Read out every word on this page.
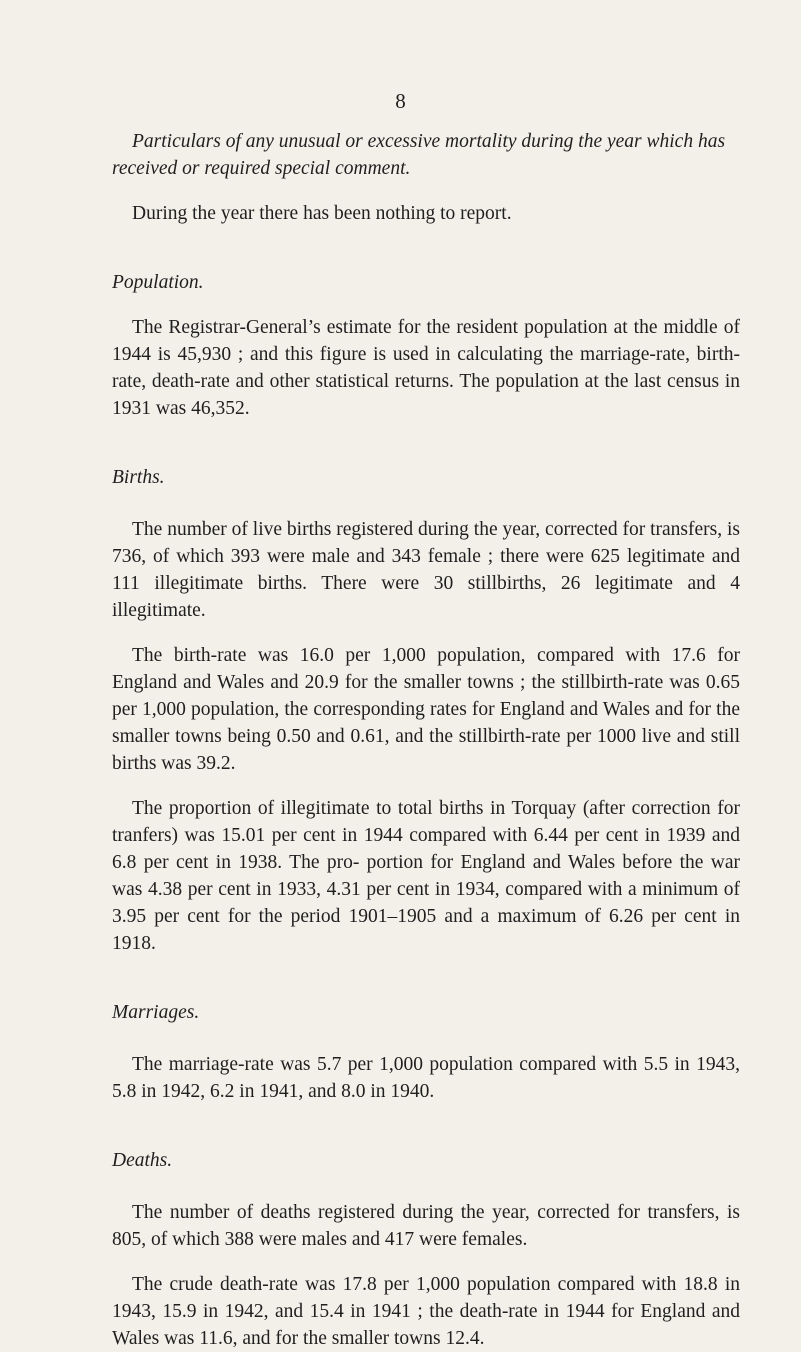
8
Particulars of any unusual or excessive mortality during the year which has received or required special comment.

During the year there has been nothing to report.

Population.

The Registrar-General’s estimate for the resident population at the middle of 1944 is 45,930 ; and this figure is used in calculating the marriage-rate, birth-rate, death-rate and other statistical returns. The population at the last census in 1931 was 46,352.

Births.

The number of live births registered during the year, corrected for transfers, is 736, of which 393 were male and 343 female ; there were 625 legitimate and 111 illegitimate births. There were 30 stillbirths, 26 legitimate and 4 illegitimate.

The birth-rate was 16.0 per 1,000 population, compared with 17.6 for England and Wales and 20.9 for the smaller towns ; the stillbirth-rate was 0.65 per 1,000 population, the corresponding rates for England and Wales and for the smaller towns being 0.50 and 0.61, and the stillbirth-rate per 1000 live and still births was 39.2.

The proportion of illegitimate to total births in Torquay (after correction for tranfers) was 15.01 per cent in 1944 compared with 6.44 per cent in 1939 and 6.8 per cent in 1938. The pro- portion for England and Wales before the war was 4.38 per cent in 1933, 4.31 per cent in 1934, compared with a minimum of 3.95 per cent for the period 1901–1905 and a maximum of 6.26 per cent in 1918.

Marriages.

The marriage-rate was 5.7 per 1,000 population compared with 5.5 in 1943, 5.8 in 1942, 6.2 in 1941, and 8.0 in 1940.

Deaths.

The number of deaths registered during the year, corrected for transfers, is 805, of which 388 were males and 417 were females.

The crude death-rate was 17.8 per 1,000 population compared with 18.8 in 1943, 15.9 in 1942, and 15.4 in 1941 ; the death-rate in 1944 for England and Wales was 11.6, and for the smaller towns 12.4.
